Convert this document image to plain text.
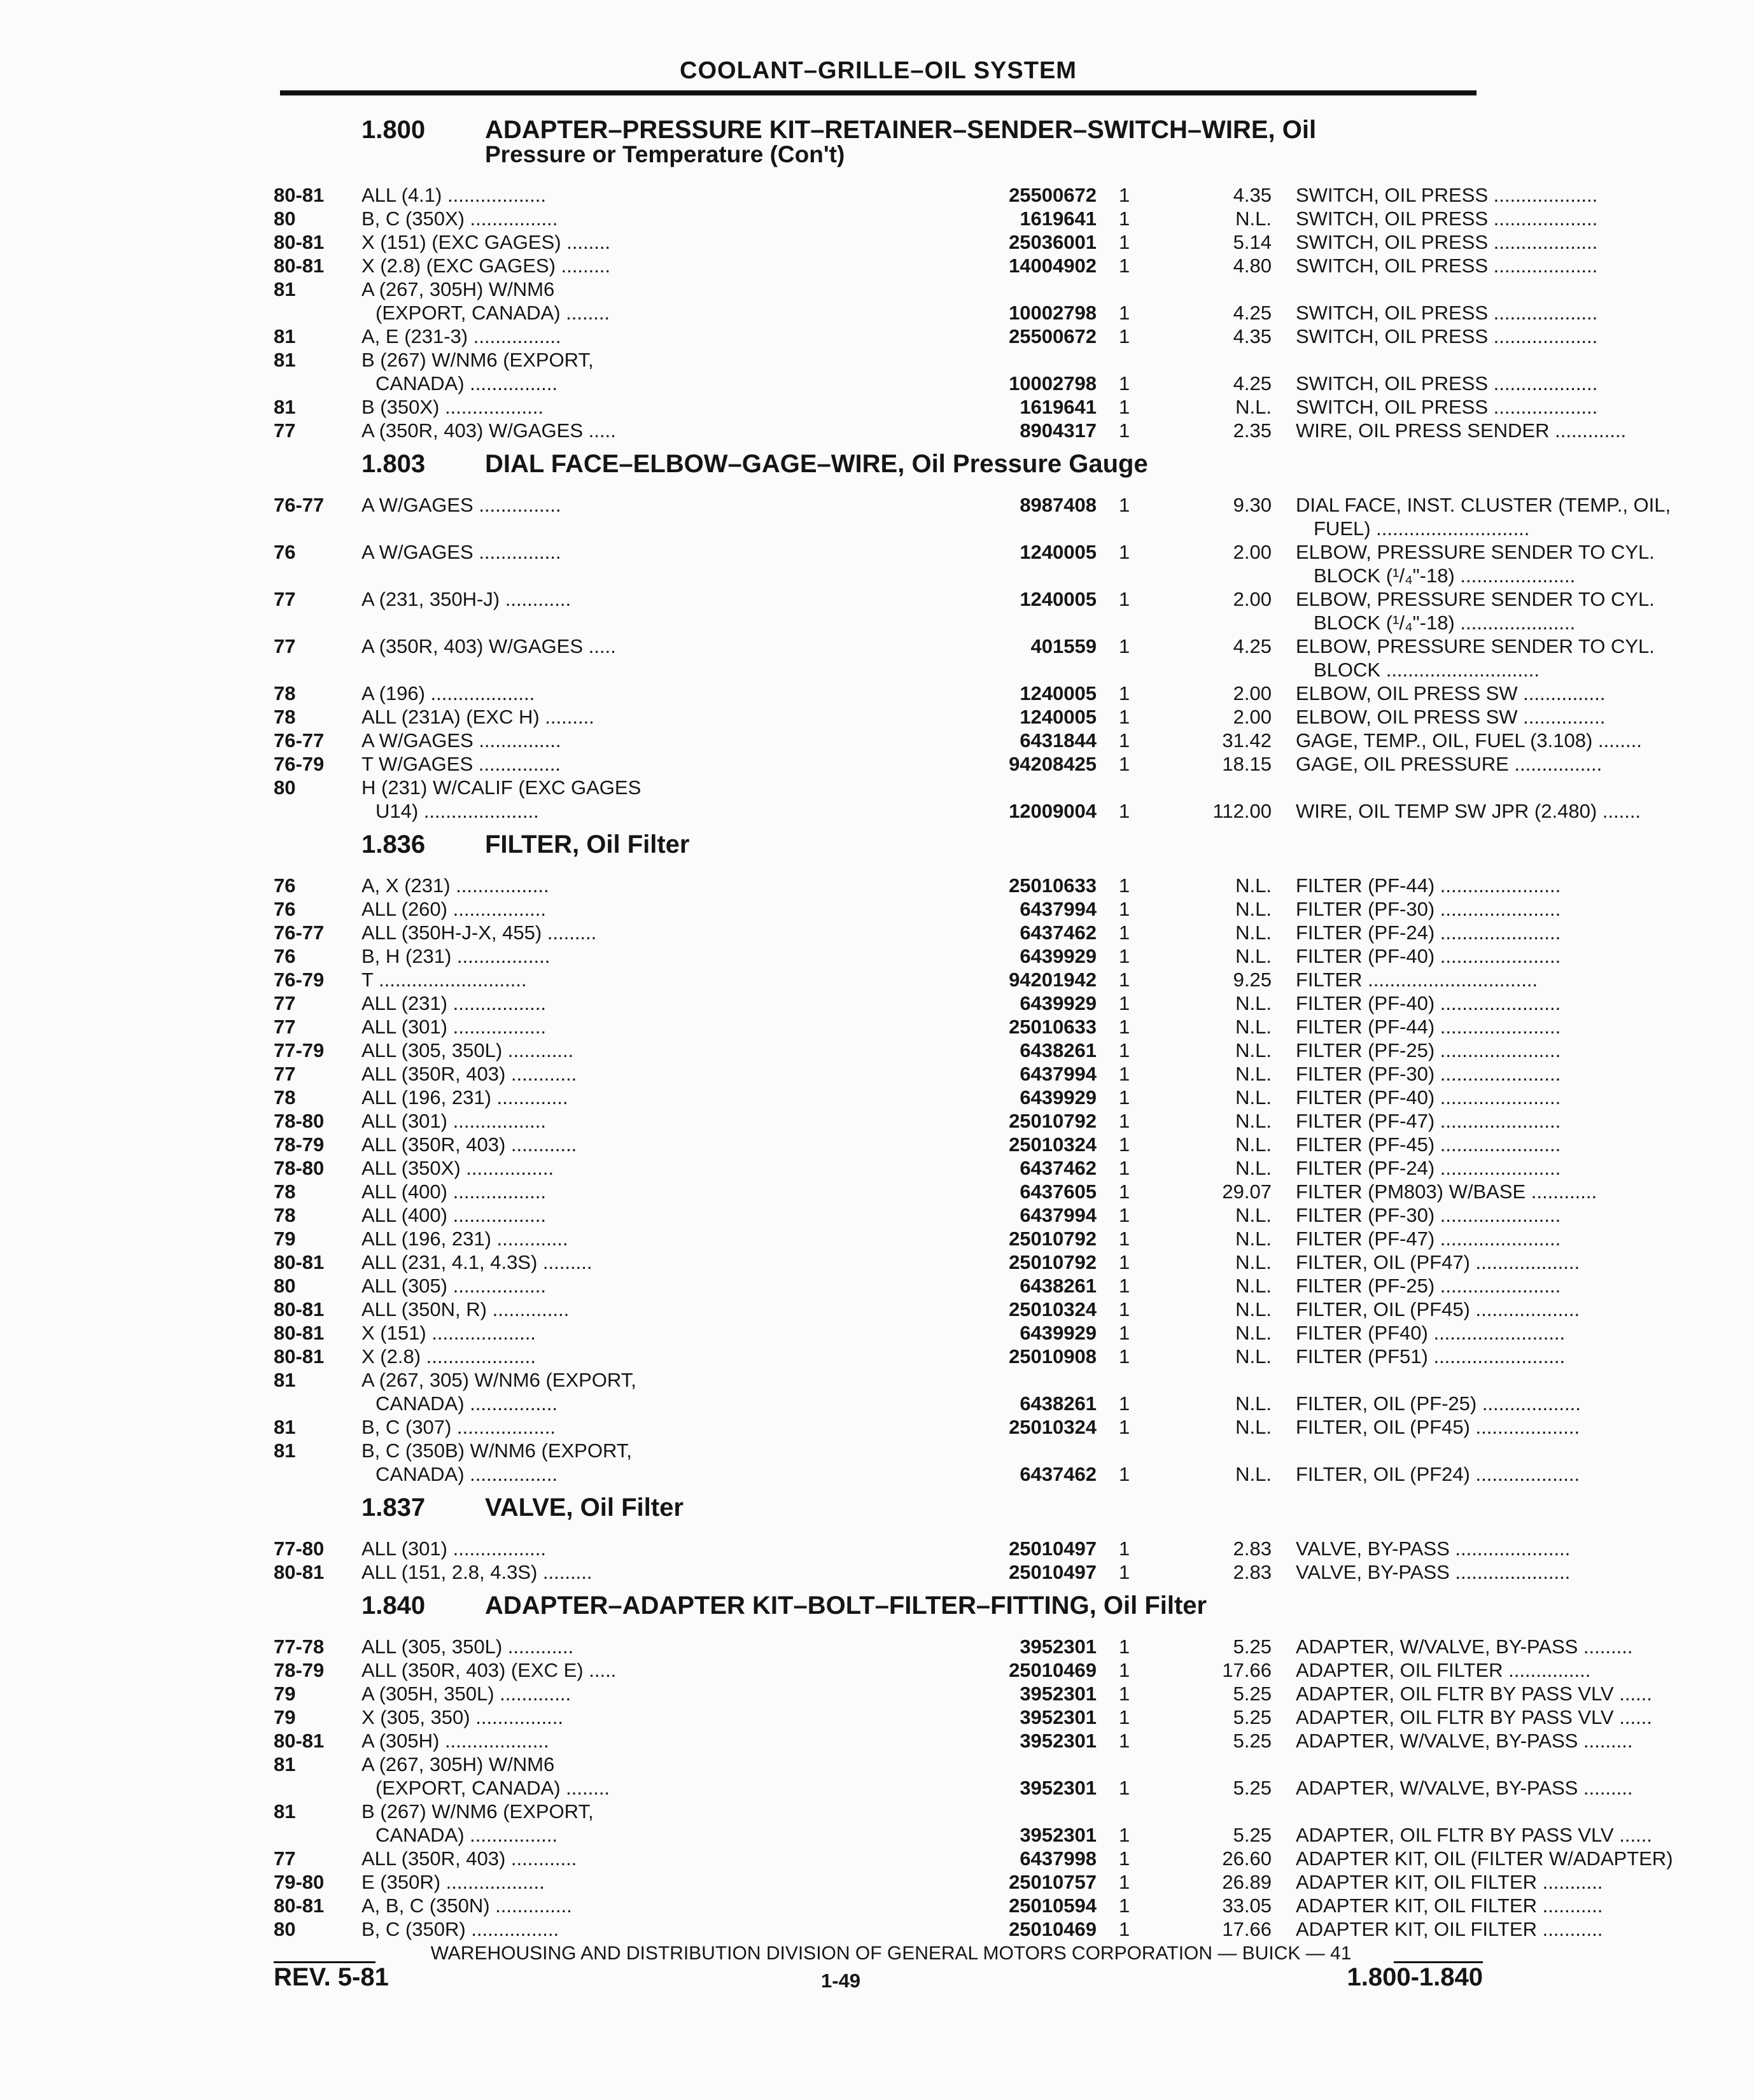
COOLANT–GRILLE–OIL SYSTEM
1.800 ADAPTER–PRESSURE KIT–RETAINER–SENDER–SWITCH–WIRE, Oil
Pressure or Temperature (Con't)
80-81 ALL (4.1) ..................	25500672 1	4.35 SWITCH, OIL PRESS ...................
80	B, C (350X) ................	1619641 1	N.L. SWITCH, OIL PRESS ...................
80-81 X (151) (EXC GAGES) ........	25036001 1	5.14 SWITCH, OIL PRESS ...................
80-81 X (2.8) (EXC GAGES) .........	14004902 1	4.80 SWITCH, OIL PRESS ...................
81	A (267, 305H) W/NM6
(EXPORT, CANADA) ........	10002798 1	4.25 SWITCH, OIL PRESS ...................
81	A, E (231-3) ................	25500672 1	4.35 SWITCH, OIL PRESS ...................
81	B (267) W/NM6 (EXPORT,
CANADA) ................	10002798 1	4.25 SWITCH, OIL PRESS ...................
81	B (350X) ..................	1619641 1	N.L. SWITCH, OIL PRESS ...................
77	A (350R, 403) W/GAGES .....	8904317 1	2.35 WIRE, OIL PRESS SENDER .............
1.803 DIAL FACE–ELBOW–GAGE–WIRE, Oil Pressure Gauge
76-77 A W/GAGES ...............	8987408 1	9.30 DIAL FACE, INST. CLUSTER (TEMP., OIL,
FUEL) ............................
76	A W/GAGES ...............	1240005 1	2.00 ELBOW, PRESSURE SENDER TO CYL.
BLOCK (¹/₄"-18) .....................
77	A (231, 350H-J) ............	1240005 1	2.00 ELBOW, PRESSURE SENDER TO CYL.
BLOCK (¹/₄"-18) .....................
77	A (350R, 403) W/GAGES .....	401559 1	4.25 ELBOW, PRESSURE SENDER TO CYL.
BLOCK ............................
78	A (196) ...................	1240005 1	2.00 ELBOW, OIL PRESS SW ...............
78	ALL (231A) (EXC H) .........	1240005 1	2.00 ELBOW, OIL PRESS SW ...............
76-77 A W/GAGES ...............	6431844 1	31.42 GAGE, TEMP., OIL, FUEL (3.108) ........
76-79 T W/GAGES ...............	94208425 1	18.15 GAGE, OIL PRESSURE ................
80	H (231) W/CALIF (EXC GAGES
U14) .....................	12009004 1	112.00 WIRE, OIL TEMP SW JPR (2.480) .......
1.836 FILTER, Oil Filter
76	A, X (231) .................	25010633 1	N.L. FILTER (PF-44) ......................
76	ALL (260) .................	6437994 1	N.L. FILTER (PF-30) ......................
76-77 ALL (350H-J-X, 455) .........	6437462 1	N.L. FILTER (PF-24) ......................
76	B, H (231) .................	6439929 1	N.L. FILTER (PF-40) ......................
76-79 T ...........................	94201942 1	9.25 FILTER ...............................
77	ALL (231) .................	6439929 1	N.L. FILTER (PF-40) ......................
77	ALL (301) .................	25010633 1	N.L. FILTER (PF-44) ......................
77-79 ALL (305, 350L) ............	6438261 1	N.L. FILTER (PF-25) ......................
77	ALL (350R, 403) ............	6437994 1	N.L. FILTER (PF-30) ......................
78	ALL (196, 231) .............	6439929 1	N.L. FILTER (PF-40) ......................
78-80 ALL (301) .................	25010792 1	N.L. FILTER (PF-47) ......................
78-79 ALL (350R, 403) ............	25010324 1	N.L. FILTER (PF-45) ......................
78-80 ALL (350X) ................	6437462 1	N.L. FILTER (PF-24) ......................
78	ALL (400) .................	6437605 1	29.07 FILTER (PM803) W/BASE ............
78	ALL (400) .................	6437994 1	N.L. FILTER (PF-30) ......................
79	ALL (196, 231) .............	25010792 1	N.L. FILTER (PF-47) ......................
80-81 ALL (231, 4.1, 4.3S) .........	25010792 1	N.L. FILTER, OIL (PF47) ...................
80	ALL (305) .................	6438261 1	N.L. FILTER (PF-25) ......................
80-81 ALL (350N, R) ..............	25010324 1	N.L. FILTER, OIL (PF45) ...................
80-81 X (151) ...................	6439929 1	N.L. FILTER (PF40) ........................
80-81 X (2.8) ....................	25010908 1	N.L. FILTER (PF51) ........................
81	A (267, 305) W/NM6 (EXPORT,
CANADA) ................	6438261 1	N.L. FILTER, OIL (PF-25) ..................
81	B, C (307) ..................	25010324 1	N.L. FILTER, OIL (PF45) ...................
81	B, C (350B) W/NM6 (EXPORT,
CANADA) ................	6437462 1	N.L. FILTER, OIL (PF24) ...................
1.837 VALVE, Oil Filter
77-80 ALL (301) .................	25010497 1	2.83 VALVE, BY-PASS .....................
80-81 ALL (151, 2.8, 4.3S) .........	25010497 1	2.83 VALVE, BY-PASS .....................
1.840 ADAPTER–ADAPTER KIT–BOLT–FILTER–FITTING, Oil Filter
77-78 ALL (305, 350L) ............	3952301 1	5.25 ADAPTER, W/VALVE, BY-PASS .........
78-79 ALL (350R, 403) (EXC E) .....	25010469 1	17.66 ADAPTER, OIL FILTER ...............
79	A (305H, 350L) .............	3952301 1	5.25 ADAPTER, OIL FLTR BY PASS VLV ......
79	X (305, 350) ................	3952301 1	5.25 ADAPTER, OIL FLTR BY PASS VLV ......
80-81 A (305H) ...................	3952301 1	5.25 ADAPTER, W/VALVE, BY-PASS .........
81	A (267, 305H) W/NM6
(EXPORT, CANADA) ........	3952301 1	5.25 ADAPTER, W/VALVE, BY-PASS .........
81	B (267) W/NM6 (EXPORT,
CANADA) ................	3952301 1	5.25 ADAPTER, OIL FLTR BY PASS VLV ......
77	ALL (350R, 403) ............	6437998 1	26.60 ADAPTER KIT, OIL (FILTER W/ADAPTER)
79-80 E (350R) ..................	25010757 1	26.89 ADAPTER KIT, OIL FILTER ...........
80-81 A, B, C (350N) ..............	25010594 1	33.05 ADAPTER KIT, OIL FILTER ...........
80	B, C (350R) ................	25010469 1	17.66 ADAPTER KIT, OIL FILTER ...........
WAREHOUSING AND DISTRIBUTION DIVISION OF GENERAL MOTORS CORPORATION — BUICK — 41
REV. 5-81	1-49	1.800-1.840
